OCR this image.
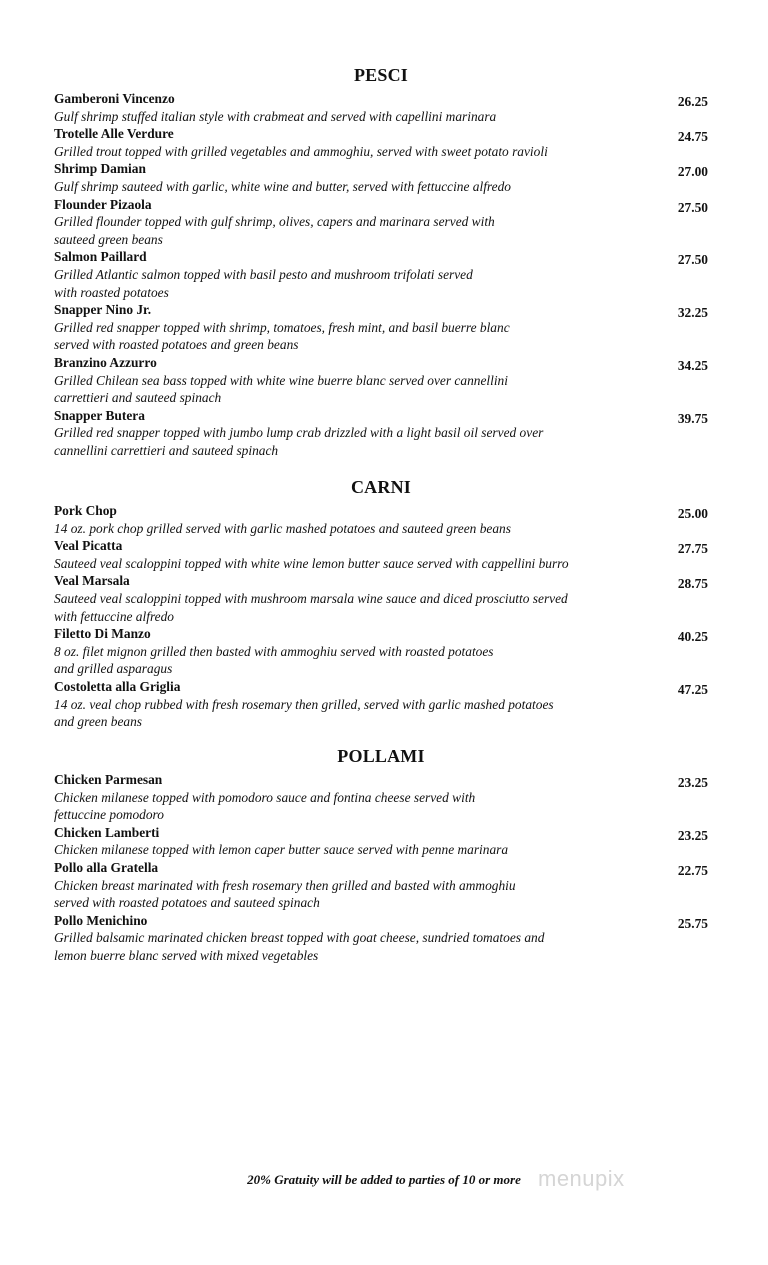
PESCI
Gamberoni Vincenzo	26.25
Gulf shrimp stuffed italian style with crabmeat and served with capellini marinara
Trotelle Alle Verdure	24.75
Grilled trout topped with grilled vegetables and ammoghiu, served with sweet potato ravioli
Shrimp Damian	27.00
Gulf shrimp sauteed with garlic, white wine and butter, served with fettuccine alfredo
Flounder Pizaola	27.50
Grilled flounder topped with gulf shrimp, olives, capers and marinara served with
sauteed green beans
Salmon Paillard	27.50
Grilled Atlantic salmon topped with basil pesto and mushroom trifolati served
with roasted potatoes
Snapper Nino Jr.	32.25
Grilled red snapper topped with shrimp, tomatoes, fresh mint, and basil buerre blanc
served with roasted potatoes and green beans
Branzino Azzurro	34.25
Grilled Chilean sea bass topped with white wine buerre blanc served over cannellini
carrettieri and sauteed spinach
Snapper Butera	39.75
Grilled red snapper topped with jumbo lump crab drizzled with a light basil oil served over
cannellini carrettieri and sauteed spinach
CARNI
Pork Chop	25.00
14 oz. pork chop grilled served with garlic mashed potatoes and sauteed green beans
Veal Picatta	27.75
Sauteed veal scaloppini topped with white wine lemon butter sauce served with cappellini burro
Veal Marsala	28.75
Sauteed veal scaloppini topped with mushroom marsala wine sauce and diced prosciutto served
with fettuccine alfredo
Filetto Di Manzo	40.25
8 oz. filet mignon grilled then basted with ammoghiu served with roasted potatoes
and grilled asparagus
Costoletta alla Griglia	47.25
14 oz. veal chop rubbed with fresh rosemary then grilled, served with garlic mashed potatoes
and green beans
POLLAMI
Chicken Parmesan	23.25
Chicken milanese topped with pomodoro sauce and fontina cheese served with
fettuccine pomodoro
Chicken Lamberti	23.25
Chicken milanese topped with lemon caper butter sauce served with penne marinara
Pollo alla Gratella	22.75
Chicken breast marinated with fresh rosemary then grilled and basted with ammoghiu
served with roasted potatoes and sauteed spinach
Pollo Menichino	25.75
Grilled balsamic marinated chicken breast topped with goat cheese, sundried tomatoes and
lemon buerre blanc served with mixed vegetables
20% Gratuity will be added to parties of 10 or more menupix
